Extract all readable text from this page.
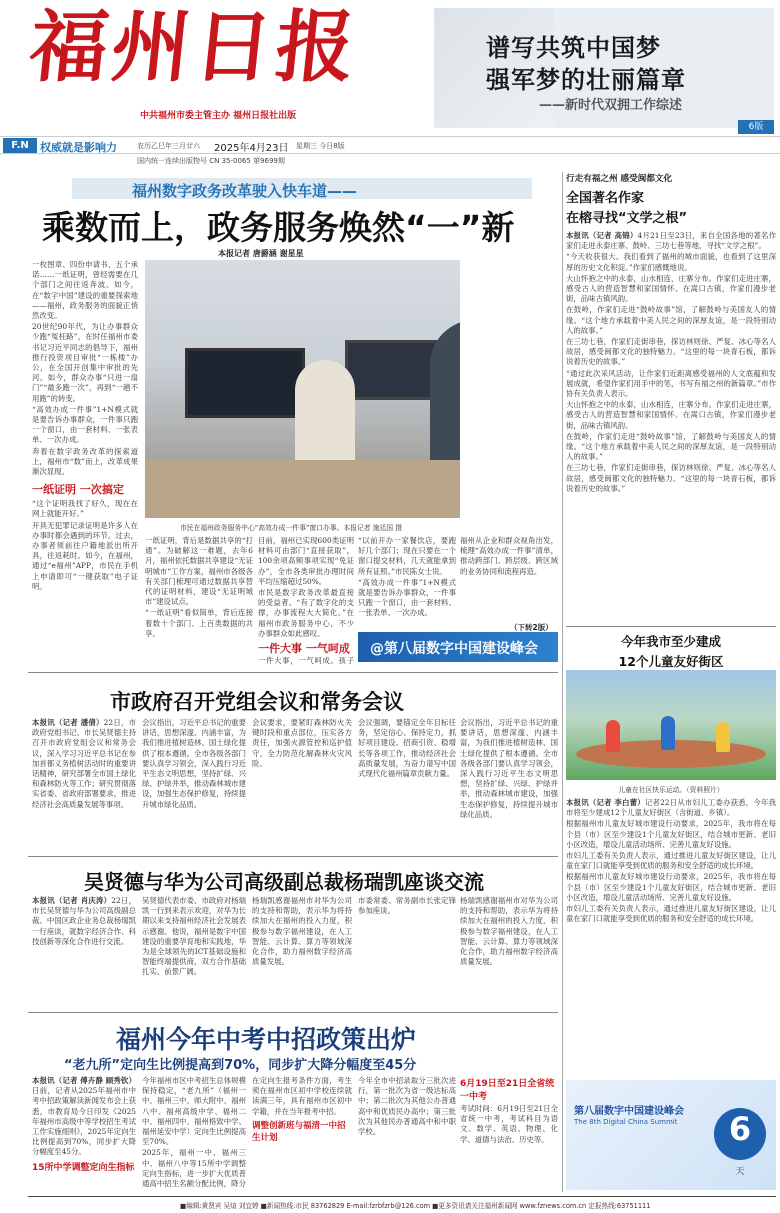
福州日报
中共福州市委主管主办 福州日报社出版
谱写共筑中国梦
强军梦的壮丽篇章
——新时代双拥工作综述
6版
F.N	权威就是影响力	农历乙巳年三月廿六 2025年4月23日 星期三 今日8版
国内统一连续出版物号 CN 35-0065 第9699期
福州数字政务改革驶入快车道——
乘数而上，政务服务焕然“一”新
本报记者 唐爵涵 谢星星

一枚图章、四份申请书、五个承诺……一纸证明，曾经需要在几个部门之间往返奔波。如今，在“数字中国”建设的重要探索地——福州，政务服务的面貌正悄然改变。

20世纪90年代，为让办事群众少跑“冤枉路”，在时任福州市委书记习近平同志的倡导下，福州推行投资项目审批“一栋楼”办公，在全国开创集中审批的先河。如今，群众办事“只进一扇门”“最多跑一次”，再到“一趟不用跑”的转变。

“高效办成一件事”1+N模式就是要告诉办事群众，一件事只跑一个窗口，由一套材料、一张表单、一次办成。

奔着在数字政务改革的探索道上，福州市“数”而上，改革成果渐次显现。

一纸证明 一次搞定

“这个证明我找了好久，现在在网上就能开好。”

开具无犯罪记录证明是许多人在办事时都会遇到的环节。过去，办事者须前往户籍地派出所开具，往返耗时。如今，在福州，通过“e福州”APP，市民在手机上申请即可“一键获取”电子证明。

市民在福州政务服务中心“高效办成一件事”窗口办事。本报记者 施廷国 摄

一纸证明，背后是数据共享的“打通”。为破解这一难题，去年6月，福州依托数据共享建设“无证明城市”工作方案，福州市各级各有关部门梳理可通过数据共享替代的证明材料，建设“无证明城市”建设试点。

“一纸证明”看似简单，背后连接着数十个部门、上百类数据的共享。

目前，福州已实现600类证明材料可由部门“直接获取”，100余项高频事项实现“免证办”，全市各类审批办理时间平均压缩超过50%。

市民是数字政务改革最直接的受益者。“有了数字化的支撑，办事流程大大简化。”在福州市政务服务中心，不少办事群众如此感叹。

一件大事 一气呵成

一件大事，一气呵成。孩子

“以前开办一家餐饮店，要跑好几个部门；现在只要在一个窗口提交材料，几天就能拿到所有证照。”市民陈女士说。

“高效办成一件事”1+N模式就是要告诉办事群众，一件事只跑一个窗口，由一套材料、一张表单、一次办成。

福州从企业和群众视角出发，梳理“高效办成一件事”清单，推动跨部门、跨层级、跨区域的业务协同和流程再造。

（下转2版）
@第八届数字中国建设峰会
市政府召开党组会议和常务会议

本报讯（记者 潘倩）22日，市政府党组书记、市长吴贤德主持召开市政府党组会议和常务会议，深入学习习近平总书记在参加首都义务植树活动时的重要讲话精神，研究部署全市国土绿化和森林防火等工作；研究贯彻落实省委、省政府部署要求，推进经济社会高质量发展等事项。

会议指出，习近平总书记的重要讲话，思想深邃、内涵丰富，为我们推进植树造林、国土绿化提供了根本遵循。全市各级各部门要认真学习领会，深入践行习近平生态文明思想，坚持扩绿、兴绿、护绿并举，推动森林城市建设，加强生态保护修复，持续提升城市绿化品质。

会议要求，要紧盯森林防火关键时段和重点部位，压实各方责任，加强火源管控和巡护值守，全力防范化解森林火灾风险。

会议强调，要锚定全年目标任务，坚定信心、保持定力，抓好项目建设、招商引资、稳增长等各项工作，推动经济社会高质量发展，为奋力谱写中国式现代化福州篇章贡献力量。

会议指出，习近平总书记的重要讲话，思想深邃、内涵丰富，为我们推进植树造林、国土绿化提供了根本遵循。全市各级各部门要认真学习领会，深入践行习近平生态文明思想，坚持扩绿、兴绿、护绿并举，推动森林城市建设，加强生态保护修复，持续提升城市绿化品质。

吴贤德与华为公司高级副总裁杨瑞凯座谈交流

本报讯（记者 肖庆涛）22日，市长吴贤德与华为公司高级副总裁、中国区政企业务总裁杨瑞凯一行座谈，就数字经济合作、科技创新等深化合作进行交流。

吴贤德代表市委、市政府对杨瑞凯一行到来表示欢迎，对华为长期以来支持福州经济社会发展表示感谢。他说，福州是数字中国建设的重要孕育地和实践地，华为是全球领先的ICT基础设施和智能终端提供商，双方合作基础扎实、前景广阔。

杨瑞凯感谢福州市对华为公司的支持和帮助，表示华为将持续加大在福州的投入力度，积极参与数字福州建设，在人工智能、云计算、算力等领域深化合作，助力福州数字经济高质量发展。

市委常委、常务副市长张定锋参加座谈。

杨瑞凯感谢福州市对华为公司的支持和帮助，表示华为将持续加大在福州的投入力度，积极参与数字福州建设，在人工智能、云计算、算力等领域深化合作，助力福州数字经济高质量发展。

福州今年中考中招政策出炉
“老九所”定向生比例提高到70%，同步扩大降分幅度至45分

本报讯（记者 傅卉静 顾秀钦）日前，记者从2025年福州市中考中招政策解读新闻发布会上获悉，市教育局今日印发《2025年福州市高级中等学校招生考试工作实施细则》，2025年定向生比例提高到70%，同步扩大降分幅度至45分。

15所中学调整定向生指标

今年福州市区中考招生总体规模保持稳定，“老九所”（福州一中、福州三中、师大附中、福州八中、福州高级中学、福州二中、福州四中、福州格致中学、福州延安中学）定向生比例提高至70%。

2025年，福州一中、福州三中、福州八中等15所中学调整定向生指标，进一步扩大优质普通高中招生名额分配比例，降分

在定向生报考条件方面，考生须在福州市区初中学校连续就读满三年，具有福州市区初中学籍，并在当年报考中招。

调整创新班与福清一中招生计划

今年全市中招录取分三批次进行，第一批次为省一级达标高中；第二批次为其他公办普通高中和优质民办高中；第三批次为其他民办普通高中和中职学校。

6月19日至21日全省统一中考

考试时间：6月19日至21日全省统一中考，考试科目为语文、数学、英语、物理、化学、道德与法治、历史等。

行走有福之州 感受闽都文化
全国著名作家
在榕寻找“文学之根”

本报讯（记者 高锦）4月21日至23日，来自全国各地的著名作家们走进永泰庄寨、鼓岭、三坊七巷等地，寻找“文学之根”。

“今天收获很大。我们看到了福州的城市面貌，也看到了这里深厚的历史文化积淀。”作家们感慨地说。

大山怀抱之中的永泰，山水相连，庄寨分布。作家们走进庄寨，感受古人的营造智慧和家国情怀。在嵩口古镇，作家们漫步老街，品味古镇风韵。

在鼓岭，作家们走进“鼓岭故事”馆，了解鼓岭与美国友人的情缘。“这个地方承载着中美人民之间的深厚友谊，是一段特别动人的故事。”

在三坊七巷，作家们走街串巷，探访林则徐、严复、冰心等名人故居，感受闽都文化的独特魅力。“这里的每一块青石板，都诉说着历史的故事。”

“通过此次采风活动，让作家们近距离感受福州的人文底蕴和发展成就，希望作家们用手中的笔，书写有福之州的新篇章。”市作协有关负责人表示。

大山怀抱之中的永泰，山水相连，庄寨分布。作家们走进庄寨，感受古人的营造智慧和家国情怀。在嵩口古镇，作家们漫步老街，品味古镇风韵。

在鼓岭，作家们走进“鼓岭故事”馆，了解鼓岭与美国友人的情缘。“这个地方承载着中美人民之间的深厚友谊，是一段特别动人的故事。”

在三坊七巷，作家们走街串巷，探访林则徐、严复、冰心等名人故居，感受闽都文化的独特魅力。“这里的每一块青石板，都诉说着历史的故事。”

今年我市至少建成
12个儿童友好街区
儿童在社区快乐运动。（资料照片）

本报讯（记者 李白蕾）记者22日从市妇儿工委办获悉，今年我市将至少建成12个儿童友好街区（含街道、乡镇）。

根据福州市儿童友好城市建设行动要求，2025年，我市将在每个县（市）区至少建设1个儿童友好街区，结合城市更新、老旧小区改造，增设儿童活动场所、完善儿童友好设施。

市妇儿工委有关负责人表示，通过推进儿童友好街区建设，让儿童在家门口就能享受到优质的服务和安全舒适的成长环境。

根据福州市儿童友好城市建设行动要求，2025年，我市将在每个县（市）区至少建设1个儿童友好街区，结合城市更新、老旧小区改造，增设儿童活动场所、完善儿童友好设施。

市妇儿工委有关负责人表示，通过推进儿童友好街区建设，让儿童在家门口就能享受到优质的服务和安全舒适的成长环境。

第八届数字中国建设峰会
The 8th Digital China Summit	6
天
■编辑:黄贤宾 吴煊 刘宜婷 ■新闻热线:市民 83762829 E-mail:fzrbfzrb@126.com ■更多资讯请关注福州新闻网 www.fznews.com.cn 定报热线:63751111
